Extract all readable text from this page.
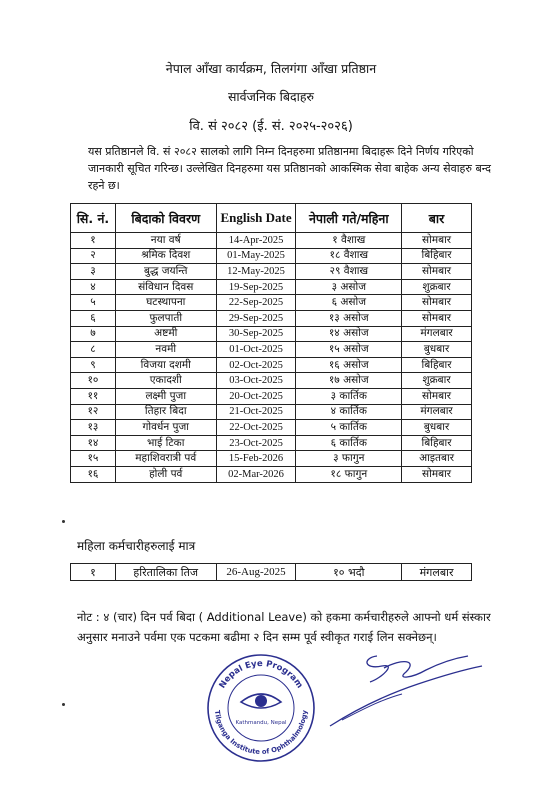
नेपाल आँखा कार्यक्रम, तिलगंगा आँखा प्रतिष्ठान
सार्वजनिक बिदाहरु
वि. सं २०८२ (ई. सं. २०२५-२०२६)
यस प्रतिष्ठानले वि. सं २०८२ सालको लागि निम्न दिनहरुमा प्रतिष्ठानमा बिदाहरू दिने निर्णय गरिएको जानकारी सूचित गरिन्छ। उल्लेखित दिनहरुमा यस प्रतिष्ठानको आकस्मिक सेवा बाहेक अन्य सेवाहरु बन्द रहने छ।
सि. नं.	बिदाको विवरण	English Date	नेपाली गते/महिना	बार
१	नया वर्ष	14-Apr-2025	१ वैशाख	सोमबार
२	श्रमिक दिवश	01-May-2025	१८ वैशाख	बिहिबार
३	बुद्ध जयन्ति	12-May-2025	२९ वैशाख	सोमबार
४	संविधान दिवस	19-Sep-2025	३ असोज	शुक्रबार
५	घटस्थापना	22-Sep-2025	६ असोज	सोमबार
६	फुलपाती	29-Sep-2025	१३ असोज	सोमबार
७	अष्टमी	30-Sep-2025	१४ असोज	मंगलबार
८	नवमी	01-Oct-2025	१५ असोज	बुधबार
९	विजया दशमी	02-Oct-2025	१६ असोज	बिहिबार
१०	एकादशी	03-Oct-2025	१७ असोज	शुक्रबार
११	लक्ष्मी पुजा	20-Oct-2025	३ कार्तिक	सोमबार
१२	तिहार बिदा	21-Oct-2025	४ कार्तिक	मंगलबार
१३	गोवर्धन पुजा	22-Oct-2025	५ कार्तिक	बुधबार
१४	भाई टिका	23-Oct-2025	६ कार्तिक	बिहिबार
१५	महाशिवरात्री पर्व	15-Feb-2026	३ फागुन	आइतबार
१६	होली पर्व	02-Mar-2026	१८ फागुन	सोमबार
महिला कर्मचारीहरुलाई मात्र
१	हरितालिका तिज	26-Aug-2025	१० भदौ	मंगलबार
नोट : ४ (चार) दिन पर्व बिदा ( Additional Leave) को हकमा कर्मचारीहरुले आफ्नो धर्म संस्कार अनुसार मनाउने पर्वमा एक पटकमा बढीमा २ दिन सम्म पूर्व स्वीकृत गराई लिन सक्नेछन्।
Nepal Eye Program
Tilganga Institute of Ophthalmology
Kathmandu, Nepal
